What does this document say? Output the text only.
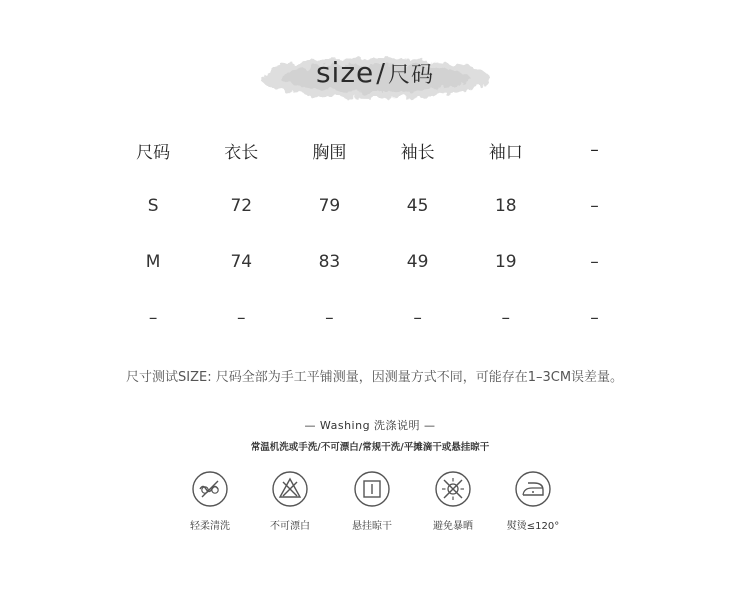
size/尺码
尺码	衣长	胸围	袖长	袖口	–
S	72	79	45	18	–
M	74	83	49	19	–
–	–	–	–	–	–
尺寸测试SIZE: 尺码全部为手工平铺测量，因测量方式不同，可能存在1–3CM误差量。
— Washing 洗涤说明 —
常温机洗或手洗/不可漂白/常规干洗/平摊滴干或悬挂晾干
轻柔清洗	不可漂白	悬挂晾干	避免暴晒	熨烫≤120°
